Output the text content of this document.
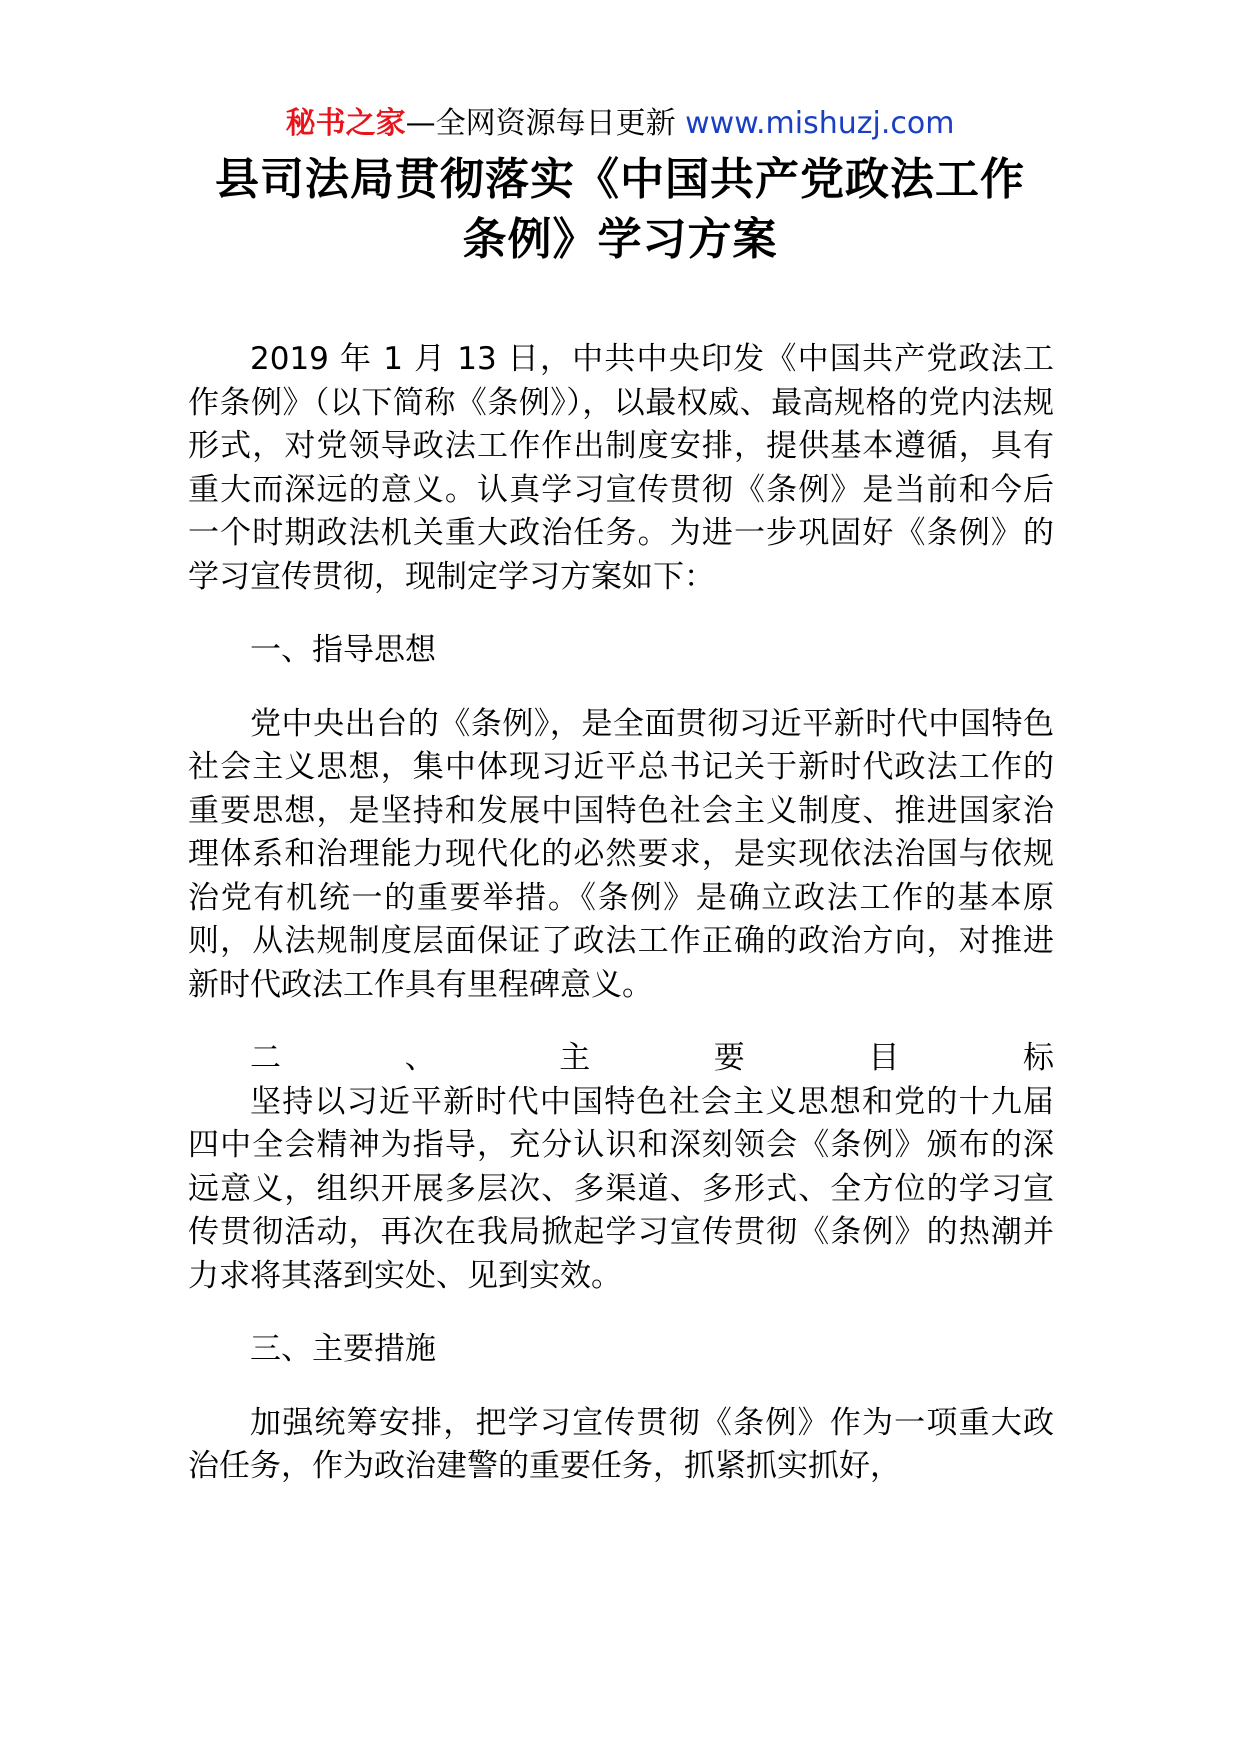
秘书之家—全网资源每日更新 www.mishuzj.com
县司法局贯彻落实《中国共产党政法工作
条例》学习方案

2019 年 1 月 13 日，中共中央印发《中国共产党政法工作条例》（以下简称《条例》），以最权威、最高规格的党内法规形式，对党领导政法工作作出制度安排，提供基本遵循，具有重大而深远的意义。认真学习宣传贯彻《条例》是当前和今后一个时期政法机关重大政治任务。为进一步巩固好《条例》的学习宣传贯彻，现制定学习方案如下：

一、指导思想

党中央出台的《条例》，是全面贯彻习近平新时代中国特色社会主义思想，集中体现习近平总书记关于新时代政法工作的重要思想，是坚持和发展中国特色社会主义制度、推进国家治理体系和治理能力现代化的必然要求，是实现依法治国与依规治党有机统一的重要举措。《条例》是确立政法工作的基本原则，从法规制度层面保证了政法工作正确的政治方向，对推进新时代政法工作具有里程碑意义。

二	、	主	要	目	标

坚持以习近平新时代中国特色社会主义思想和党的十九届四中全会精神为指导，充分认识和深刻领会《条例》颁布的深远意义，组织开展多层次、多渠道、多形式、全方位的学习宣传贯彻活动，再次在我局掀起学习宣传贯彻《条例》的热潮并力求将其落到实处、见到实效。

三、主要措施

加强统筹安排，把学习宣传贯彻《条例》作为一项重大政治任务，作为政治建警的重要任务，抓紧抓实抓好，
